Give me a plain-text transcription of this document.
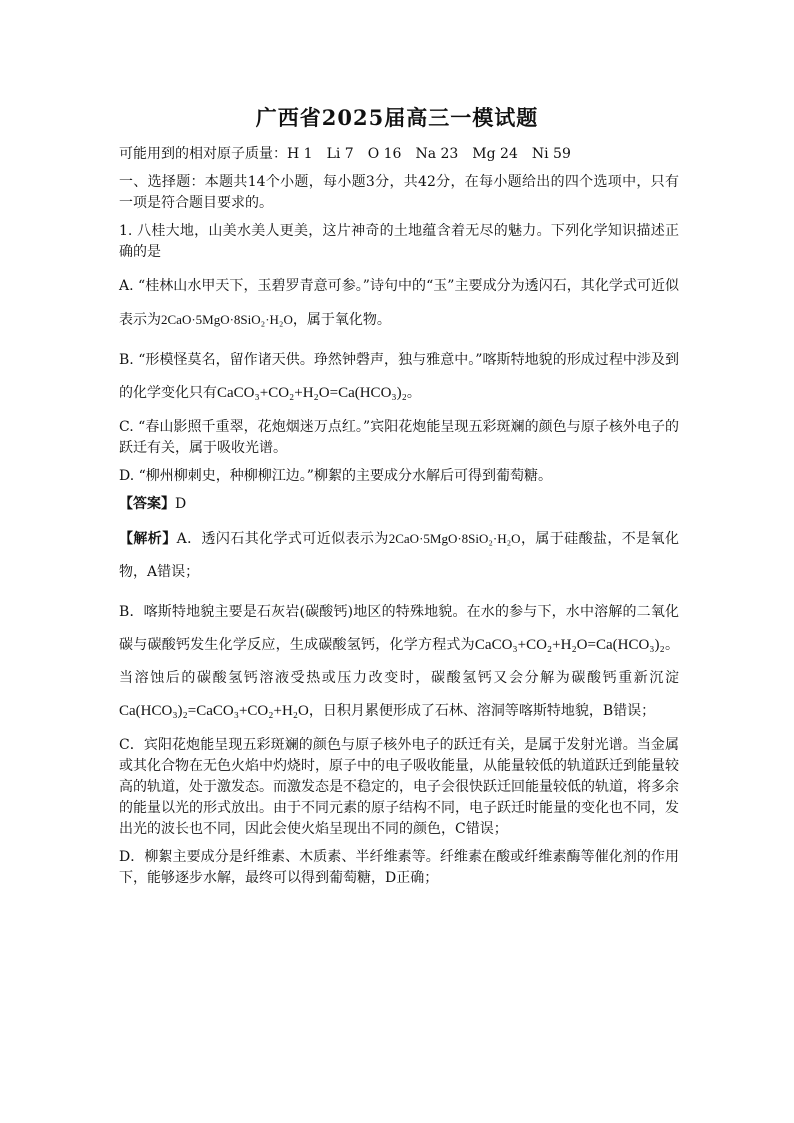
广西省2025届高三一模试题

可能用到的相对原子质量：H 1　Li 7　O 16　Na 23　Mg 24　Ni 59

一、选择题：本题共14个小题，每小题3分，共42分，在每小题给出的四个选项中，只有一项是符合题目要求的。

1. 八桂大地，山美水美人更美，这片神奇的土地蕴含着无尽的魅力。下列化学知识描述正确的是

A. “桂林山水甲天下，玉碧罗青意可参。”诗句中的“玉”主要成分为透闪石，其化学式可近似表示为2CaO·5MgO·8SiO₂·H₂O，属于氧化物。

B. “形模怪莫名，留作诸天供。琤然钟磬声，独与雅意中。”喀斯特地貌的形成过程中涉及到的化学变化只有CaCO₃+CO₂+H₂O=Ca(HCO₃)₂。

C. “春山影照千重翠，花炮烟迷万点红。”宾阳花炮能呈现五彩斑斓的颜色与原子核外电子的跃迁有关，属于吸收光谱。

D. “柳州柳刺史，种柳柳江边。”柳絮的主要成分水解后可得到葡萄糖。

【答案】D

【解析】A．透闪石其化学式可近似表示为2CaO·5MgO·8SiO₂·H₂O，属于硅酸盐，不是氧化物，A错误；

B．喀斯特地貌主要是石灰岩(碳酸钙)地区的特殊地貌。在水的参与下，水中溶解的二氧化碳与碳酸钙发生化学反应，生成碳酸氢钙，化学方程式为CaCO₃+CO₂+H₂O=Ca(HCO₃)₂。当溶蚀后的碳酸氢钙溶液受热或压力改变时，碳酸氢钙又会分解为碳酸钙重新沉淀Ca(HCO₃)₂=CaCO₃+CO₂+H₂O，日积月累便形成了石林、溶洞等喀斯特地貌，B错误；

C．宾阳花炮能呈现五彩斑斓的颜色与原子核外电子的跃迁有关，是属于发射光谱。当金属或其化合物在无色火焰中灼烧时，原子中的电子吸收能量，从能量较低的轨道跃迁到能量较高的轨道，处于激发态。而激发态是不稳定的，电子会很快跃迁回能量较低的轨道，将多余的能量以光的形式放出。由于不同元素的原子结构不同，电子跃迁时能量的变化也不同，发出光的波长也不同，因此会使火焰呈现出不同的颜色，C错误；

D．柳絮主要成分是纤维素、木质素、半纤维素等。纤维素在酸或纤维素酶等催化剂的作用下，能够逐步水解，最终可以得到葡萄糖，D正确；
